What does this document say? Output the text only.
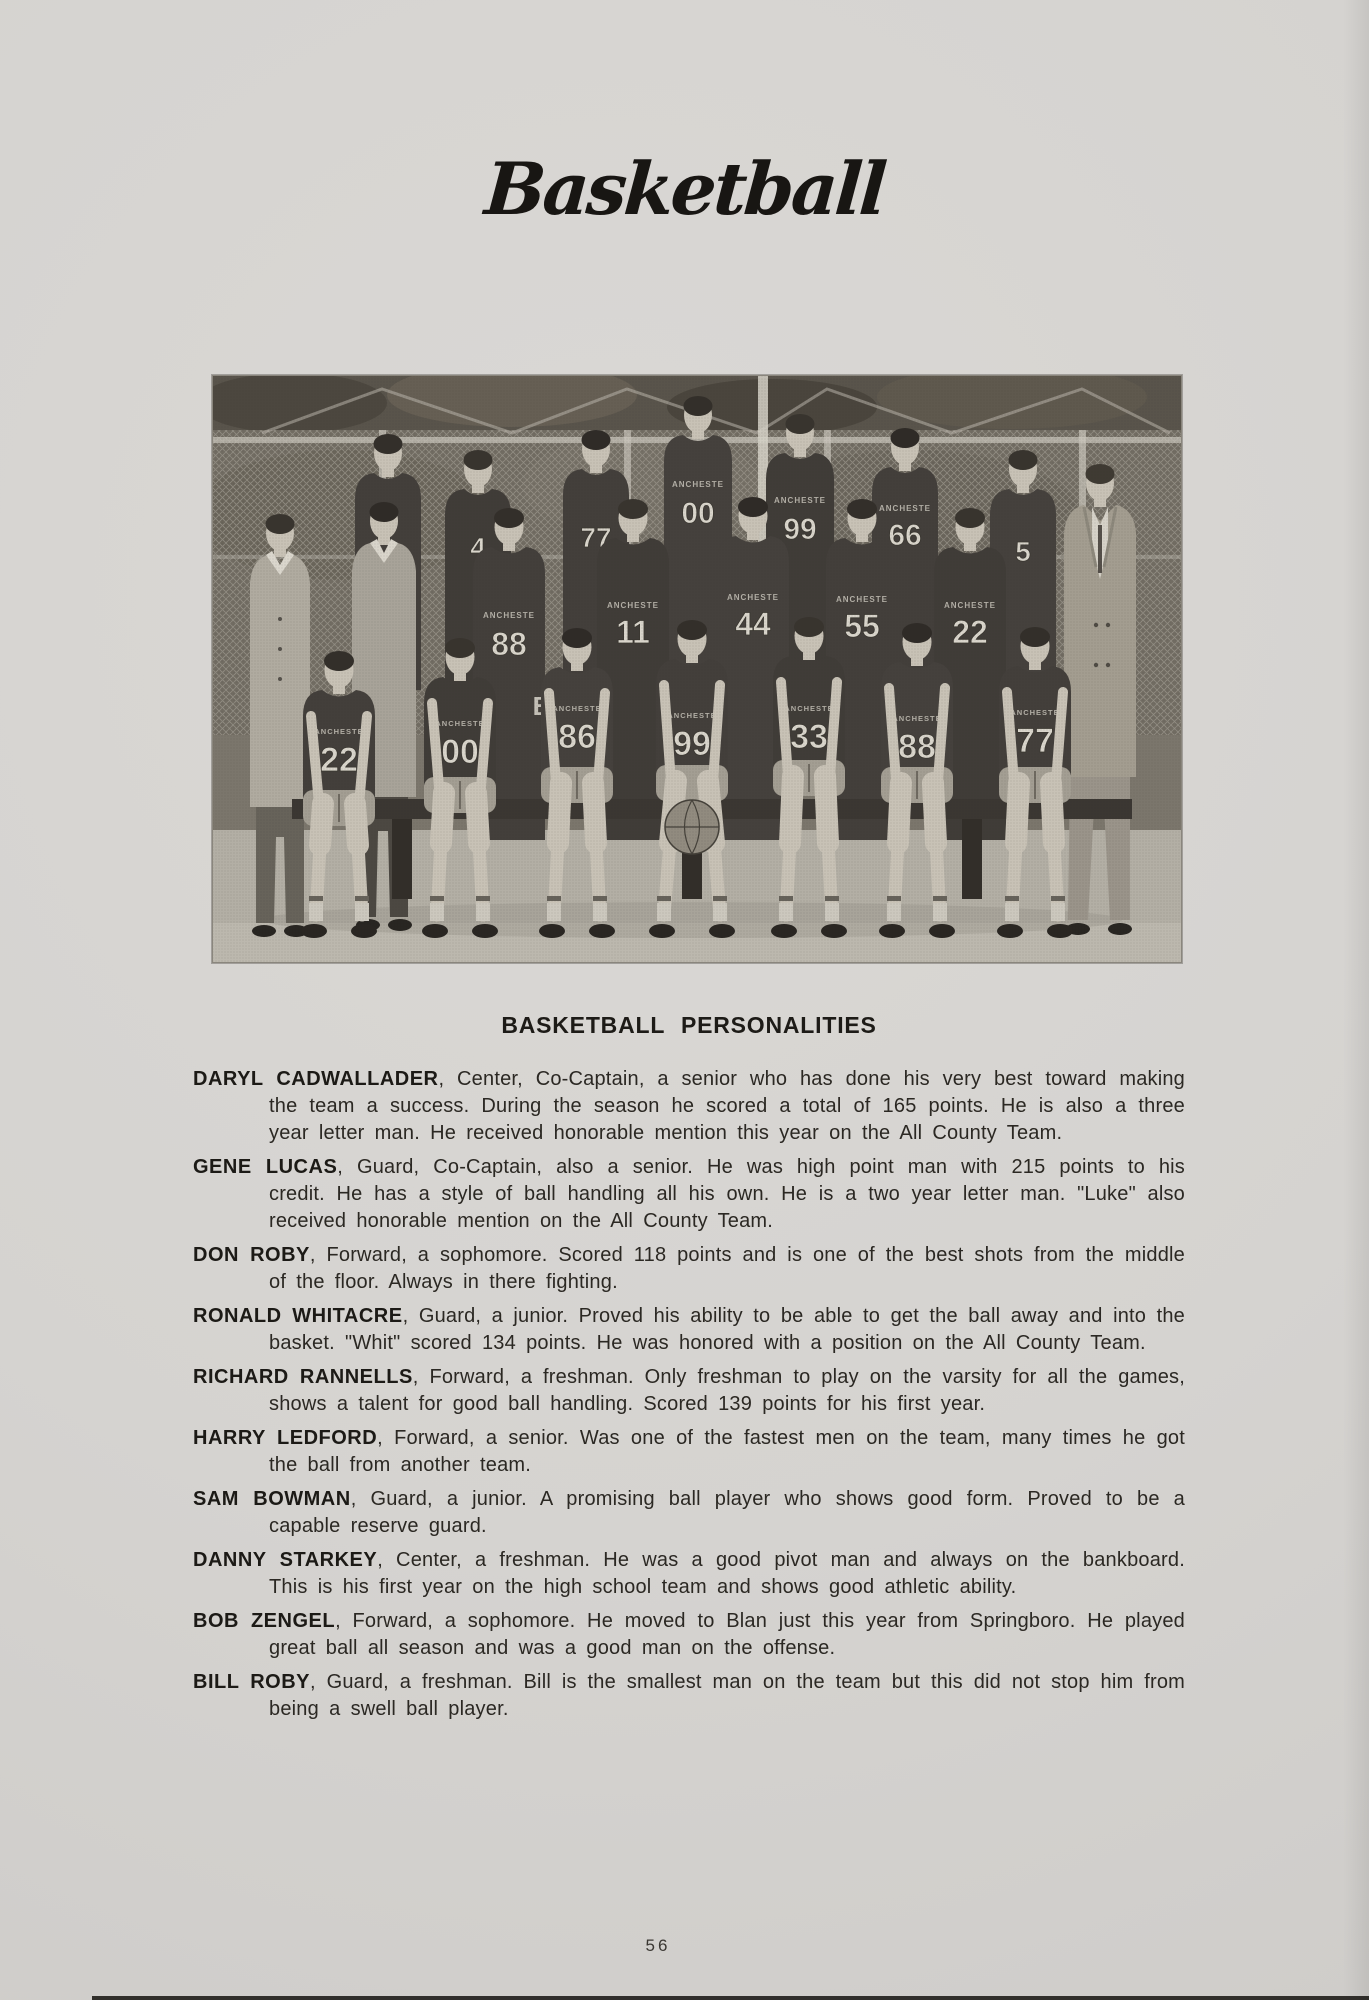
Basketball
BASKETBALL PERSONALITIES

DARYL CADWALLADER, Center, Co-Captain, a senior who has done his very best toward making the team a success. During the season he scored a total of 165 points. He is also a three year letter man. He received honorable mention this year on the All County Team.

GENE LUCAS, Guard, Co-Captain, also a senior. He was high point man with 215 points to his credit. He has a style of ball handling all his own. He is a two year letter man. "Luke" also received honorable mention on the All County Team.

DON ROBY, Forward, a sophomore. Scored 118 points and is one of the best shots from the middle of the floor. Always in there fighting.

RONALD WHITACRE, Guard, a junior. Proved his ability to be able to get the ball away and into the basket. "Whit" scored 134 points. He was honored with a position on the All County Team.

RICHARD RANNELLS, Forward, a freshman. Only freshman to play on the varsity for all the games, shows a talent for good ball handling. Scored 139 points for his first year.

HARRY LEDFORD, Forward, a senior. Was one of the fastest men on the team, many times he got the ball from another team.

SAM BOWMAN, Guard, a junior. A promising ball player who shows good form. Proved to be a capable reserve guard.

DANNY STARKEY, Center, a freshman. He was a good pivot man and always on the bankboard. This is his first year on the high school team and shows good athletic ability.

BOB ZENGEL, Forward, a sophomore. He moved to Blan just this year from Springboro. He played great ball all season and was a good man on the offense.

BILL ROBY, Guard, a freshman. Bill is the smallest man on the team but this did not stop him from being a swell ball player.

56
